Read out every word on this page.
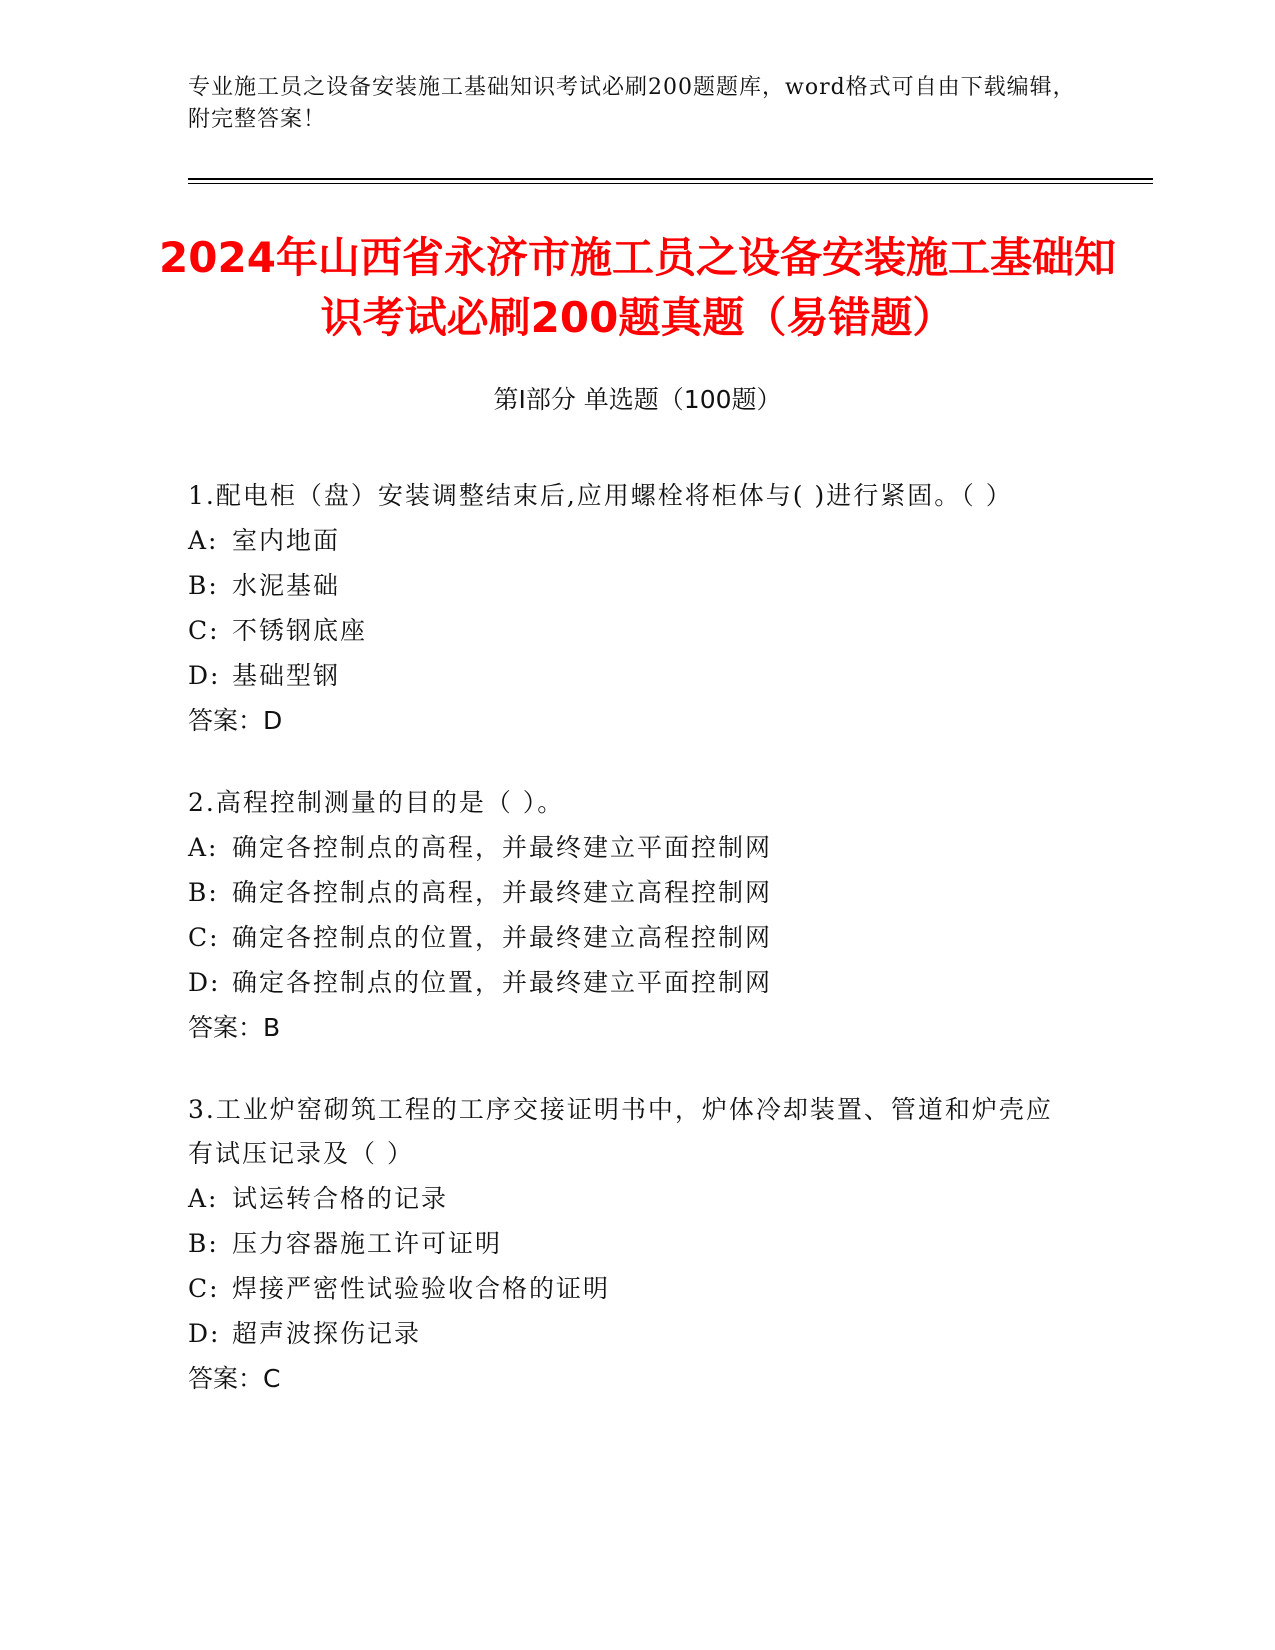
专业施工员之设备安装施工基础知识考试必刷200题题库，word格式可自由下载编辑，附完整答案！
2024年山西省永济市施工员之设备安装施工基础知识考试必刷200题真题（易错题）
第I部分 单选题（100题）
1.配电柜（盘）安装调整结束后,应用螺栓将柜体与( )进行紧固。（ ）
A: 室内地面
B: 水泥基础
C: 不锈钢底座
D: 基础型钢
答案：D
2.高程控制测量的目的是（ ）。
A: 确定各控制点的高程，并最终建立平面控制网
B: 确定各控制点的高程，并最终建立高程控制网
C: 确定各控制点的位置，并最终建立高程控制网
D: 确定各控制点的位置，并最终建立平面控制网
答案：B
3.工业炉窑砌筑工程的工序交接证明书中，炉体冷却装置、管道和炉壳应有试压记录及（ ）
A: 试运转合格的记录
B: 压力容器施工许可证明
C: 焊接严密性试验验收合格的证明
D: 超声波探伤记录
答案：C
